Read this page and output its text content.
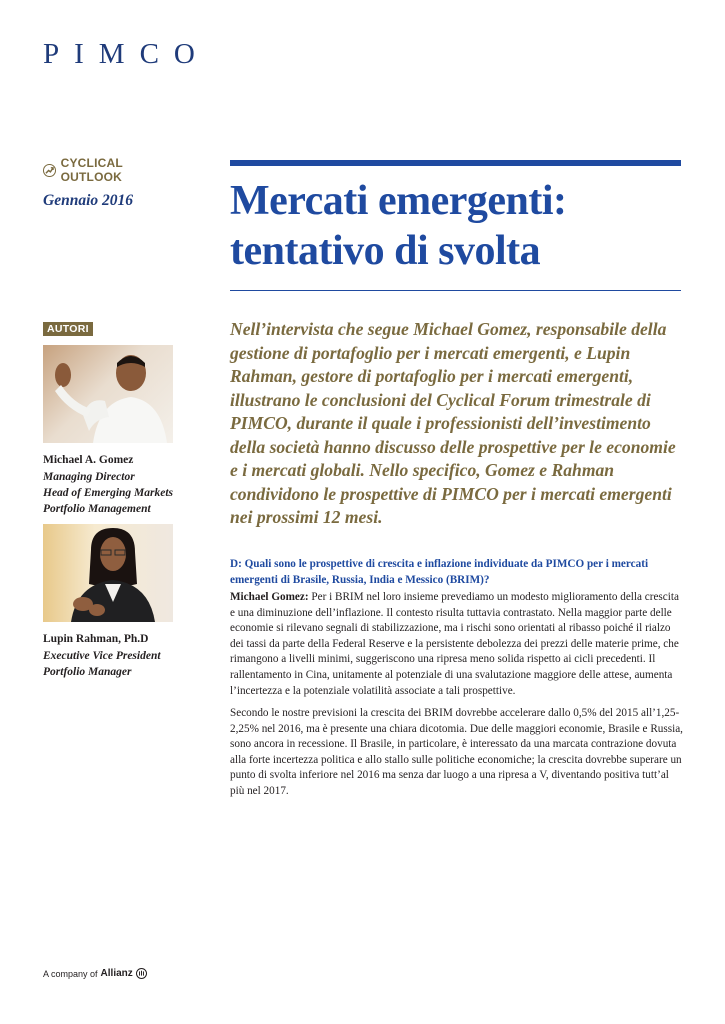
PIMCO
CYCLICAL OUTLOOK
Gennaio 2016	Mercati emergenti:
tentativo di svolta
AUTORI
Michael A. Gomez
Managing Director
Head of Emerging Markets
Portfolio Management
Lupin Rahman, Ph.D
Executive Vice President
Portfolio Manager
Nell’intervista che segue Michael Gomez, responsabile della gestione di portafoglio per i mercati emergenti, e Lupin Rahman, gestore di portafoglio per i mercati emergenti, illustrano le conclusioni del Cyclical Forum trimestrale di PIMCO, durante il quale i professionisti dell’investimento della società hanno discusso delle prospettive per le economie e i mercati globali. Nello specifico, Gomez e Rahman condividono le prospettive di PIMCO per i mercati emergenti nei prossimi 12 mesi.
D: Quali sono le prospettive di crescita e inflazione individuate da PIMCO per i mercati emergenti di Brasile, Russia, India e Messico (BRIM)?
Michael Gomez: Per i BRIM nel loro insieme prevediamo un modesto miglioramento della crescita e una diminuzione dell’inflazione. Il contesto risulta tuttavia contrastato. Nella maggior parte delle economie si rilevano segnali di stabilizzazione, ma i rischi sono orientati al ribasso poiché il rialzo dei tassi da parte della Federal Reserve e la persistente debolezza dei prezzi delle materie prime, che rimangono a livelli minimi, suggeriscono una ripresa meno solida rispetto ai cicli precedenti. Il rallentamento in Cina, unitamente al potenziale di una svalutazione maggiore delle attese, aumenta l’incertezza e la potenziale volatilità associate a tali prospettive.
Secondo le nostre previsioni la crescita dei BRIM dovrebbe accelerare dallo 0,5% del 2015 all’1,25-2,25% nel 2016, ma è presente una chiara dicotomia. Due delle maggiori economie, Brasile e Russia, sono ancora in recessione. Il Brasile, in particolare, è interessato da una marcata contrazione dovuta alla forte incertezza politica e allo stallo sulle politiche economiche; la crescita dovrebbe superare un punto di svolta inferiore nel 2016 ma senza dar luogo a una ripresa a V, diventando positiva tutt’al più nel 2017.
A company of Allianz
